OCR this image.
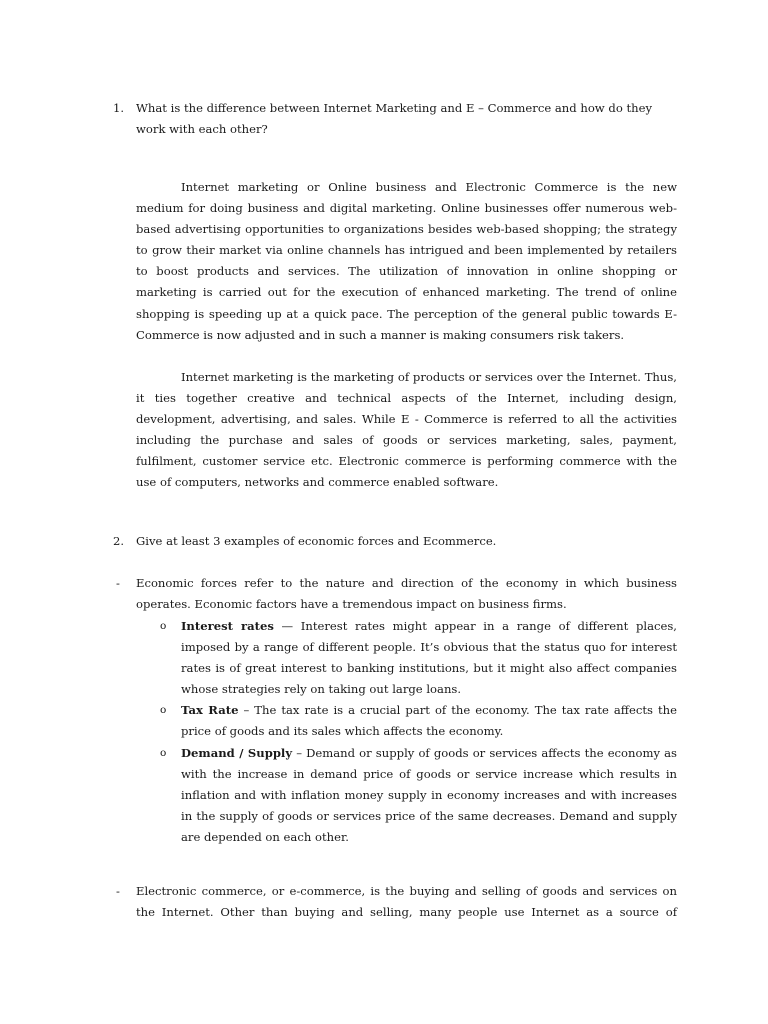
1. What is the difference between Internet Marketing and E – Commerce and how do they work with each other?
Internet marketing or Online business and Electronic Commerce is the new medium for doing business and digital marketing. Online businesses offer numerous web-based advertising opportunities to organizations besides web-based shopping; the strategy to grow their market via online channels has intrigued and been implemented by retailers to boost products and services. The utilization of innovation in online shopping or marketing is carried out for the execution of enhanced marketing. The trend of online shopping is speeding up at a quick pace. The perception of the general public towards E-Commerce is now adjusted and in such a manner is making consumers risk takers.
Internet marketing is the marketing of products or services over the Internet. Thus, it ties together creative and technical aspects of the Internet, including design, development, advertising, and sales. While E - Commerce is referred to all the activities including the purchase and sales of goods or services marketing, sales, payment, fulfilment, customer service etc. Electronic commerce is performing commerce with the use of computers, networks and commerce enabled software.
2. Give at least 3 examples of economic forces and Ecommerce.
- Economic forces refer to the nature and direction of the economy in which business operates. Economic factors have a tremendous impact on business firms.
o Interest rates — Interest rates might appear in a range of different places, imposed by a range of different people. It’s obvious that the status quo for interest rates is of great interest to banking institutions, but it might also affect companies whose strategies rely on taking out large loans.
o Tax Rate – The tax rate is a crucial part of the economy. The tax rate affects the price of goods and its sales which affects the economy.
o Demand / Supply – Demand or supply of goods or services affects the economy as with the increase in demand price of goods or service increase which results in inflation and with inflation money supply in economy increases and with increases in the supply of goods or services price of the same decreases. Demand and supply are depended on each other.
- Electronic commerce, or e-commerce, is the buying and selling of goods and services on the Internet. Other than buying and selling, many people use Internet as a source of
